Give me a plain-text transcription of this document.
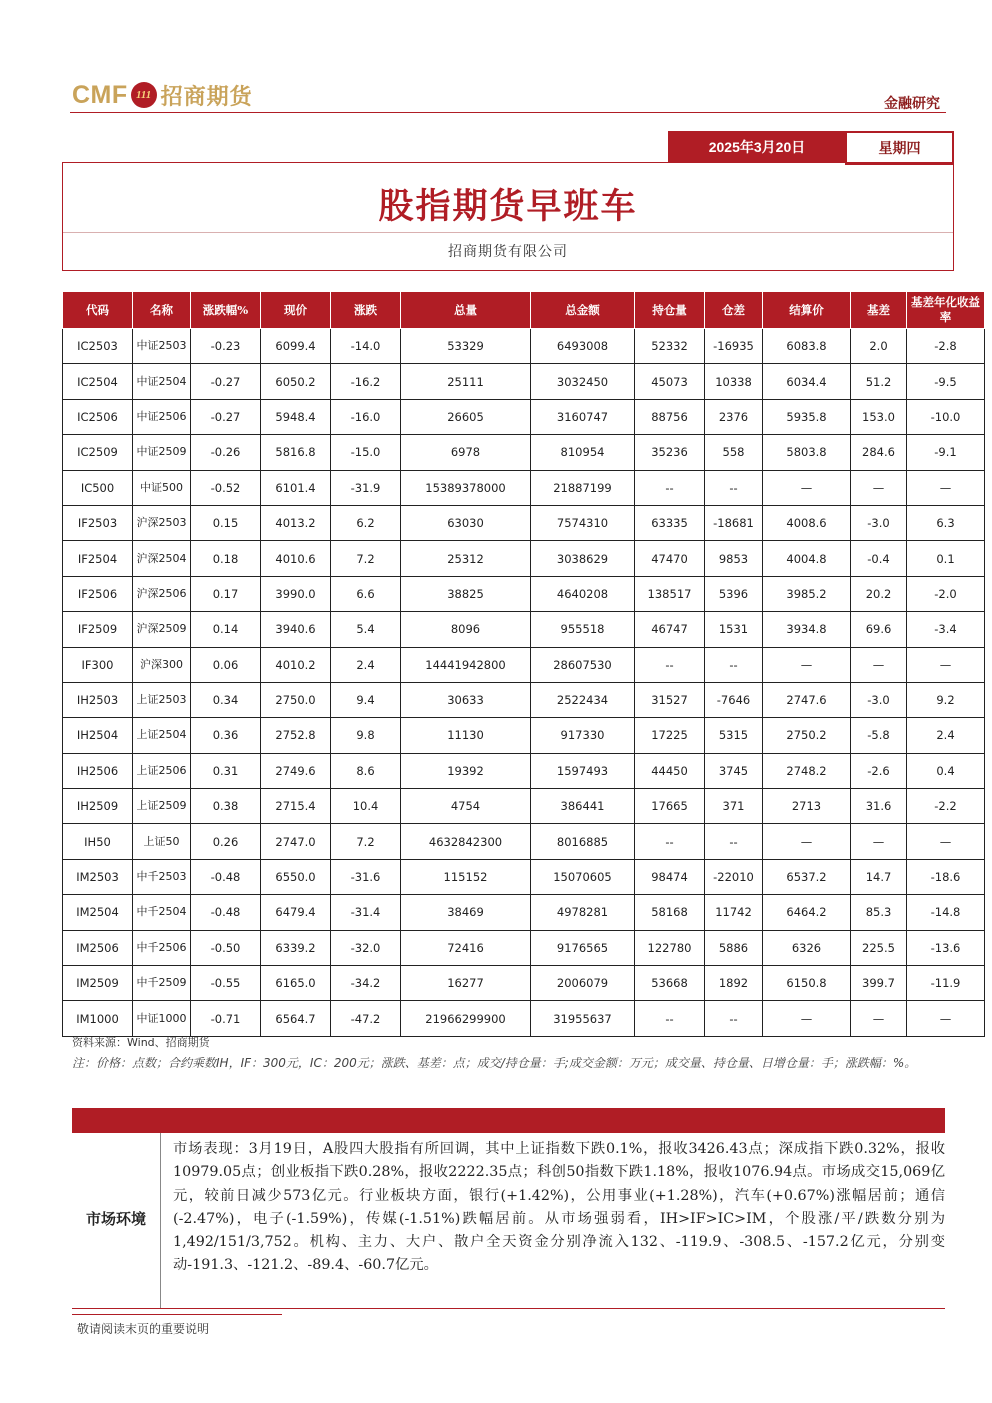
CMF 111 招商期货	金融研究
2025年3月20日	星期四
股指期货早班车
招商期货有限公司
代码	名称	涨跌幅%	现价	涨跌	总量	总金额	持仓量	仓差	结算价	基差	基差年化收益率
IC2503	中证2503	-0.23	6099.4	-14.0	53329	6493008	52332	-16935	6083.8	2.0	-2.8
IC2504	中证2504	-0.27	6050.2	-16.2	25111	3032450	45073	10338	6034.4	51.2	-9.5
IC2506	中证2506	-0.27	5948.4	-16.0	26605	3160747	88756	2376	5935.8	153.0	-10.0
IC2509	中证2509	-0.26	5816.8	-15.0	6978	810954	35236	558	5803.8	284.6	-9.1
IC500	中证500	-0.52	6101.4	-31.9	15389378000	21887199	--	--	—	—	—
IF2503	沪深2503	0.15	4013.2	6.2	63030	7574310	63335	-18681	4008.6	-3.0	6.3
IF2504	沪深2504	0.18	4010.6	7.2	25312	3038629	47470	9853	4004.8	-0.4	0.1
IF2506	沪深2506	0.17	3990.0	6.6	38825	4640208	138517	5396	3985.2	20.2	-2.0
IF2509	沪深2509	0.14	3940.6	5.4	8096	955518	46747	1531	3934.8	69.6	-3.4
IF300	沪深300	0.06	4010.2	2.4	14441942800	28607530	--	--	—	—	—
IH2503	上证2503	0.34	2750.0	9.4	30633	2522434	31527	-7646	2747.6	-3.0	9.2
IH2504	上证2504	0.36	2752.8	9.8	11130	917330	17225	5315	2750.2	-5.8	2.4
IH2506	上证2506	0.31	2749.6	8.6	19392	1597493	44450	3745	2748.2	-2.6	0.4
IH2509	上证2509	0.38	2715.4	10.4	4754	386441	17665	371	2713	31.6	-2.2
IH50	上证50	0.26	2747.0	7.2	4632842300	8016885	--	--	—	—	—
IM2503	中千2503	-0.48	6550.0	-31.6	115152	15070605	98474	-22010	6537.2	14.7	-18.6
IM2504	中千2504	-0.48	6479.4	-31.4	38469	4978281	58168	11742	6464.2	85.3	-14.8
IM2506	中千2506	-0.50	6339.2	-32.0	72416	9176565	122780	5886	6326	225.5	-13.6
IM2509	中千2509	-0.55	6165.0	-34.2	16277	2006079	53668	1892	6150.8	399.7	-11.9
IM1000	中证1000	-0.71	6564.7	-47.2	21966299900	31955637	--	--	—	—	—
资料来源：Wind、招商期货
注：价格：点数；合约乘数IH，IF：300元，IC：200元；涨跌、基差：点；成交/持仓量：手;成交金额：万元；成交量、持仓量、日增仓量：手；涨跌幅：%。
市场环境
市场表现：3月19日，A股四大股指有所回调，其中上证指数下跌0.1%，报收3426.43点；深成指下跌0.32%，报收10979.05点；创业板指下跌0.28%，报收2222.35点；科创50指数下跌1.18%，报收1076.94点。市场成交15,069亿元，较前日减少573亿元。行业板块方面，银行(+1.42%)，公用事业(+1.28%)，汽车(+0.67%)涨幅居前；通信(-2.47%)，电子(-1.59%)，传媒(-1.51%)跌幅居前。从市场强弱看，IH>IF>IC>IM，个股涨/平/跌数分别为1,492/151/3,752。机构、主力、大户、散户全天资金分别净流入132、-119.9、-308.5、-157.2亿元，分别变动-191.3、-121.2、-89.4、-60.7亿元。
敬请阅读末页的重要说明
